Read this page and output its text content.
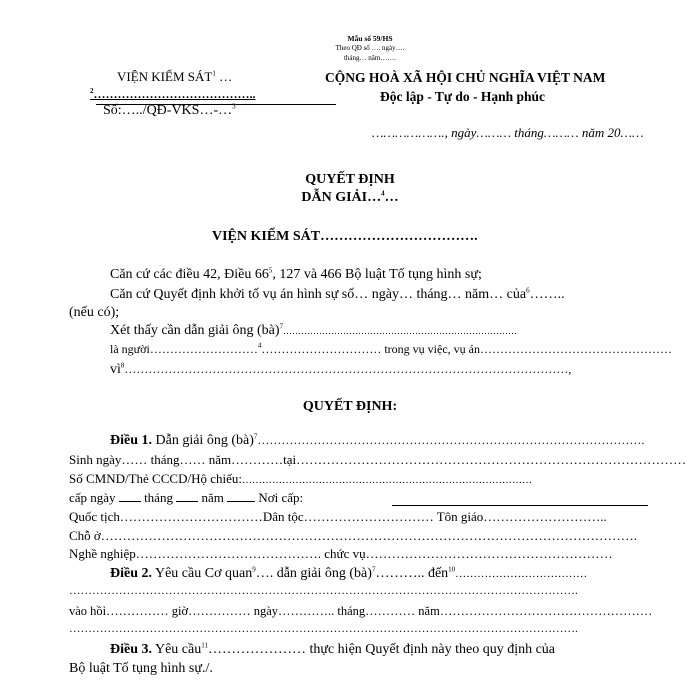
Mẫu số 59/HS
Theo QĐ số …. ngày….
tháng… năm…….
VIỆN KIỂM SÁT$^1$ …
$^2$…………………………………..
Số:…../QĐ-VKS…-…$^3$
CỘNG HOÀ XÃ HỘI CHỦ NGHĨA VIỆT NAM
Độc lập - Tự do - Hạnh phúc
………………., ngày……… tháng……… năm 20……
QUYẾT ĐỊNH
DẪN GIẢI…$^4$…
VIỆN KIỂM SÁT…………………………….
Căn cứ các điều 42, Điều $66^5$, 127 và 466 Bộ luật Tố tụng hình sự;
Căn cứ Quyết định khởi tố vụ án hình sự số… ngày… tháng… năm… của$^6$……..
(nếu có);
Xét thấy cần dẫn giải ông (bà)$^7$……………………………………………………………………
là người………………………$^4$………………………… trong vụ việc, vụ án…………………………………………
$vì^8\dots\dots\dots\dots\dots\dots\dots\dots\dots\dots\dots\dots\dots\dots\dots\dots\dots\dots\dots\dots\dots\dots\dots\dots\dots\dots\dots\dots\dots\dots\dots\dots\dots\dots\dots\dots\dots$,
QUYẾT ĐỊNH:
Điều 1. Dẫn giải ông (bà)$^7$…………………………………………………………………………………….
Sinh ngày…… tháng…… năm…………tại………………………………………………………………………………
Số CMND/Thẻ CCCD/Hộ chiếu:……………………………………………………………………………
cấp ngày tháng năm	Nơi cấp:
Quốc tịch……………………………Dân tộc………………………… Tôn giáo………………………..
Chỗ ở…………………………………………………………………………………………………………….
Nghề nghiệp……………………………………. chức vụ…………………………………………………
Điều 2. Yêu cầu Cơ quan$^9$…. dẫn giải ông (bà)$^7$……….. đến$^{10}$………………………………
…………………………………………………………………………………………………………………….
vào hồi…………… giờ…………… ngày………….. tháng………… năm……………………………………………
…………………………………………………………………………………………………………………….
Điều 3. Yêu cầu$^{11}$………………… thực hiện Quyết định này theo quy định của
Bộ luật Tố tụng hình sự./.
